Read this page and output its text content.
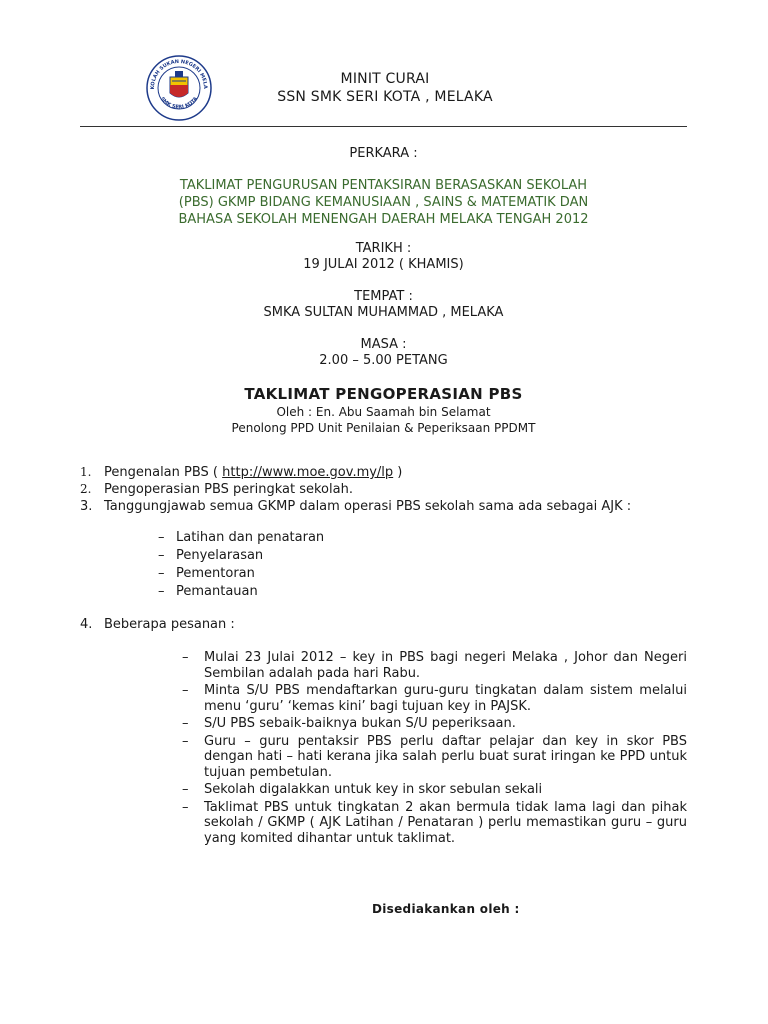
KOLAH SUKAN NEGERI MELA
SMK SERI KOTA
MINIT CURAI
SSN SMK SERI KOTA , MELAKA
PERKARA :
TAKLIMAT PENGURUSAN PENTAKSIRAN BERASASKAN SEKOLAH
(PBS) GKMP BIDANG KEMANUSIAAN , SAINS & MATEMATIK DAN
BAHASA SEKOLAH MENENGAH DAERAH MELAKA TENGAH 2012
TARIKH :
19 JULAI 2012 ( KHAMIS)
TEMPAT :
SMKA SULTAN MUHAMMAD , MELAKA
MASA :
2.00 – 5.00 PETANG
TAKLIMAT PENGOPERASIAN PBS
Oleh : En. Abu Saamah bin Selamat
Penolong PPD Unit Penilaian & Peperiksaan PPDMT
1. Pengenalan PBS ( http://www.moe.gov.my/lp )
2. Pengoperasian PBS peringkat sekolah.
3. Tanggungjawab semua GKMP dalam operasi PBS sekolah sama ada sebagai AJK :
– Latihan dan penataran
– Penyelarasan
– Pementoran
– Pemantauan
4. Beberapa pesanan :
–	Mulai 23 Julai 2012 – key in PBS bagi negeri Melaka , Johor dan Negeri Sembilan adalah pada hari Rabu.
–	Minta S/U PBS mendaftarkan guru-guru tingkatan dalam sistem melalui menu ‘guru’ ‘kemas kini’ bagi tujuan key in PAJSK.
–	S/U PBS sebaik-baiknya bukan S/U peperiksaan.
–	Guru – guru pentaksir PBS perlu daftar pelajar dan key in skor PBS dengan hati – hati kerana jika salah perlu buat surat iringan ke PPD untuk tujuan pembetulan.
–	Sekolah digalakkan untuk key in skor sebulan sekali
–	Taklimat PBS untuk tingkatan 2 akan bermula tidak lama lagi dan pihak sekolah / GKMP ( AJK Latihan / Penataran ) perlu memastikan guru – guru yang komited dihantar untuk taklimat.
Disediakankan oleh :
